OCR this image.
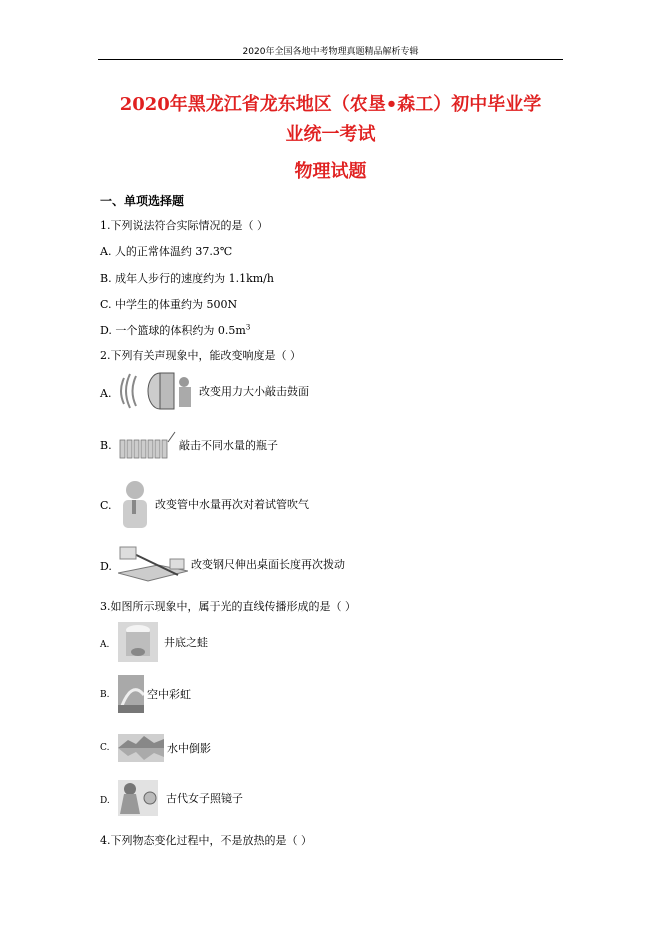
2020年全国各地中考物理真题精品解析专辑
2020年黑龙江省龙东地区（农垦•森工）初中毕业学
业统一考试
物理试题
一、单项选择题
1.下列说法符合实际情况的是（ ）
A. 人的正常体温约 37.3℃
B. 成年人步行的速度约为 1.1km/h
C. 中学生的体重约为 500N
D. 一个篮球的体积约为 $0.5m^3$
2.下列有关声现象中，能改变响度是（ ）
A.	改变用力大小敲击鼓面
B.	敲击不同水量的瓶子
C.	改变管中水量再次对着试管吹气
D.	改变钢尺伸出桌面长度再次拨动
3.如图所示现象中，属于光的直线传播形成的是（ ）
A.	井底之蛙
B.	空中彩虹
C.	水中倒影
D.	古代女子照镜子
4.下列物态变化过程中，不是放热的是（ ）
